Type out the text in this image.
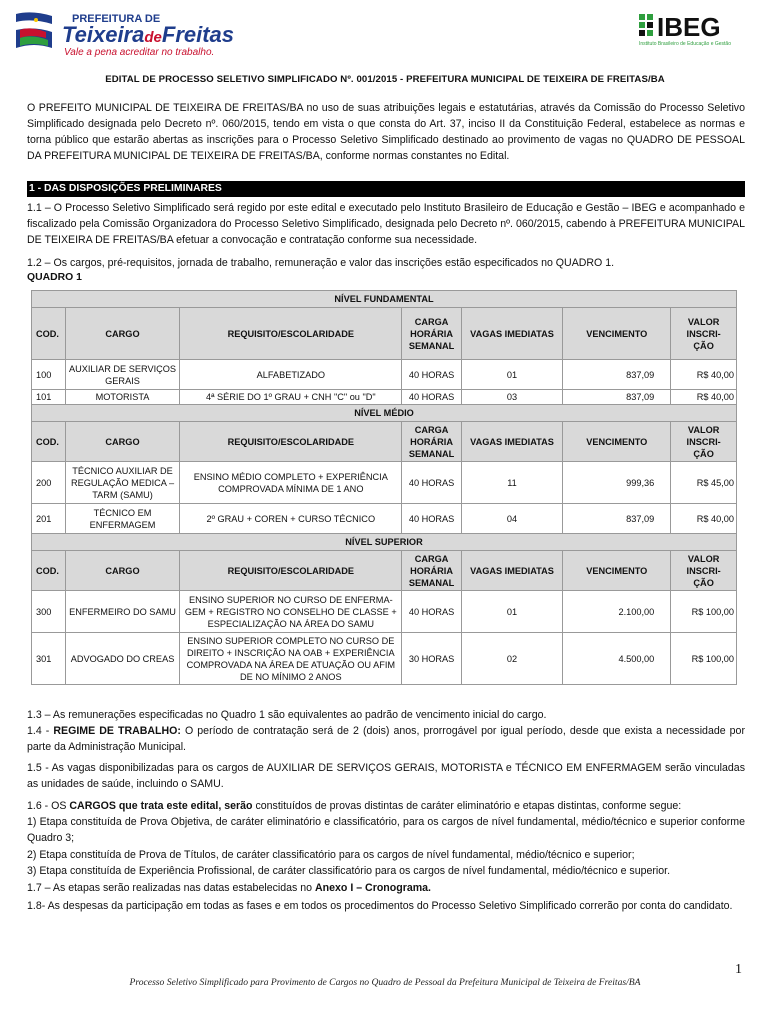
PREFEITURA DE
TeixeiradeFreitas
Vale a pena acreditar no trabalho.
IBEG
Instituto Brasileiro de Educação e Gestão
EDITAL DE PROCESSO SELETIVO SIMPLIFICADO Nº. 001/2015 - PREFEITURA MUNICIPAL DE TEIXEIRA DE FREITAS/BA
O PREFEITO MUNICIPAL DE TEIXEIRA DE FREITAS/BA no uso de suas atribuições legais e estatutárias, através da Comissão do Processo Seletivo Simplificado designada pelo Decreto nº. 060/2015, tendo em vista o que consta do Art. 37, inciso II da Constituição Federal, estabelece as normas e torna público que estarão abertas as inscrições para o Processo Seletivo Simplificado destinado ao provimento de vagas no QUADRO DE PESSOAL DA PREFEITURA MUNICIPAL DE TEIXEIRA DE FREITAS/BA, conforme normas constantes no Edital.
1 - DAS DISPOSIÇÕES PRELIMINARES
1.1 – O Processo Seletivo Simplificado será regido por este edital e executado pelo Instituto Brasileiro de Educação e Gestão – IBEG e acompanhado e fiscalizado pela Comissão Organizadora do Processo Seletivo Simplificado, designada pelo Decreto nº. 060/2015, cabendo à PREFEITURA MUNICIPAL DE TEIXEIRA DE FREITAS/BA efetuar a convocação e contratação conforme sua necessidade.
1.2 – Os cargos, pré-requisitos, jornada de trabalho, remuneração e valor das inscrições estão especificados no QUADRO 1.
QUADRO 1
NÍVEL FUNDAMENTAL						
COD.	CARGO	REQUISITO/ESCOLARIDADE	CARGA
HORÁRIA
SEMANAL	VAGAS IMEDIATAS	VENCIMENTO	VALOR
INSCRI-
ÇÃO
100	AUXILIAR DE SERVIÇOS GERAIS	ALFABETIZADO	40 HORAS	01	837,09	R$ 40,00
101	MOTORISTA	4ª SÉRIE DO 1º GRAU + CNH "C" ou "D"	40 HORAS	03	837,09	R$ 40,00
NÍVEL MÉDIO						
COD.	CARGO	REQUISITO/ESCOLARIDADE	CARGA
HORÁRIA
SEMANAL	VAGAS IMEDIATAS	VENCIMENTO	VALOR
INSCRI-
ÇÃO
200	TÉCNICO AUXILIAR DE REGULAÇÃO MEDICA – TARM (SAMU)	ENSINO MÉDIO COMPLETO + EXPERIÊNCIA COMPROVADA MÍNIMA DE 1 ANO	40 HORAS	11	999,36	R$ 45,00
201	TÉCNICO EM ENFERMAGEM	2º GRAU + COREN + CURSO TÉCNICO	40 HORAS	04	837,09	R$ 40,00
NÍVEL SUPERIOR						
COD.	CARGO	REQUISITO/ESCOLARIDADE	CARGA
HORÁRIA
SEMANAL	VAGAS IMEDIATAS	VENCIMENTO	VALOR
INSCRI-
ÇÃO
300	ENFERMEIRO DO SAMU	ENSINO SUPERIOR NO CURSO DE ENFERMA-GEM + REGISTRO NO CONSELHO DE CLASSE + ESPECIALIZAÇÃO NA ÁREA DO SAMU	40 HORAS	01	2.100,00	R$ 100,00
301	ADVOGADO DO CREAS	ENSINO SUPERIOR COMPLETO NO CURSO DE DIREITO + INSCRIÇÃO NA OAB + EXPERIÊNCIA COMPROVADA NA ÁREA DE ATUAÇÃO OU AFIM DE NO MÍNIMO 2 ANOS	30 HORAS	02	4.500,00	R$ 100,00
1.3 – As remunerações especificadas no Quadro 1 são equivalentes ao padrão de vencimento inicial do cargo.
1.4 - REGIME DE TRABALHO: O período de contratação será de 2 (dois) anos, prorrogável por igual período, desde que exista a necessidade por parte da Administração Municipal.
1.5 - As vagas disponibilizadas para os cargos de AUXILIAR DE SERVIÇOS GERAIS, MOTORISTA e TÉCNICO EM ENFERMAGEM serão vinculadas as unidades de saúde, incluindo o SAMU.
1.6 - OS CARGOS que trata este edital, serão constituídos de provas distintas de caráter eliminatório e etapas distintas, conforme segue:
1) Etapa constituída de Prova Objetiva, de caráter eliminatório e classificatório, para os cargos de nível fundamental, médio/técnico e superior conforme Quadro 3;
2) Etapa constituída de Prova de Títulos, de caráter classificatório para os cargos de nível fundamental, médio/técnico e superior;
3) Etapa constituída de Experiência Profissional, de caráter classificatório para os cargos de nível fundamental, médio/técnico e superior.
1.7 – As etapas serão realizadas nas datas estabelecidas no Anexo I – Cronograma.
1.8- As despesas da participação em todas as fases e em todos os procedimentos do Processo Seletivo Simplificado correrão por conta do candidato.
1
Processo Seletivo Simplificado para Provimento de Cargos no Quadro de Pessoal da Prefeitura Municipal de Teixeira de Freitas/BA
